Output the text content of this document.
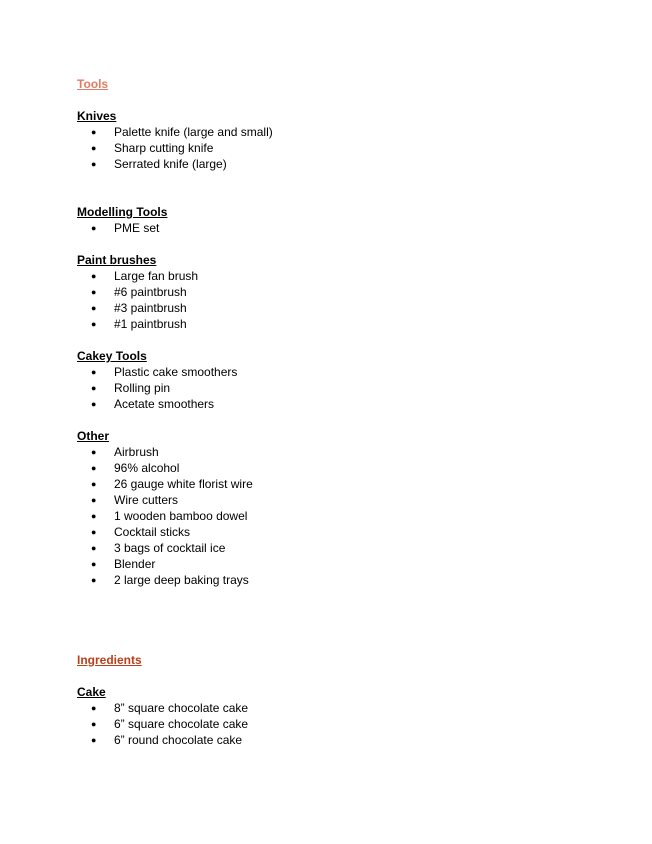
Tools
Knives
● Palette knife (large and small)
● Sharp cutting knife
● Serrated knife (large)
Modelling Tools
● PME set
Paint brushes
● Large fan brush
● #6 paintbrush
● #3 paintbrush
● #1 paintbrush
Cakey Tools
● Plastic cake smoothers
● Rolling pin
● Acetate smoothers
Other
● Airbrush
● 96% alcohol
● 26 gauge white florist wire
● Wire cutters
● 1 wooden bamboo dowel
● Cocktail sticks
● 3 bags of cocktail ice
● Blender
● 2 large deep baking trays
Ingredients
Cake
● 8” square chocolate cake
● 6” square chocolate cake
● 6” round chocolate cake
